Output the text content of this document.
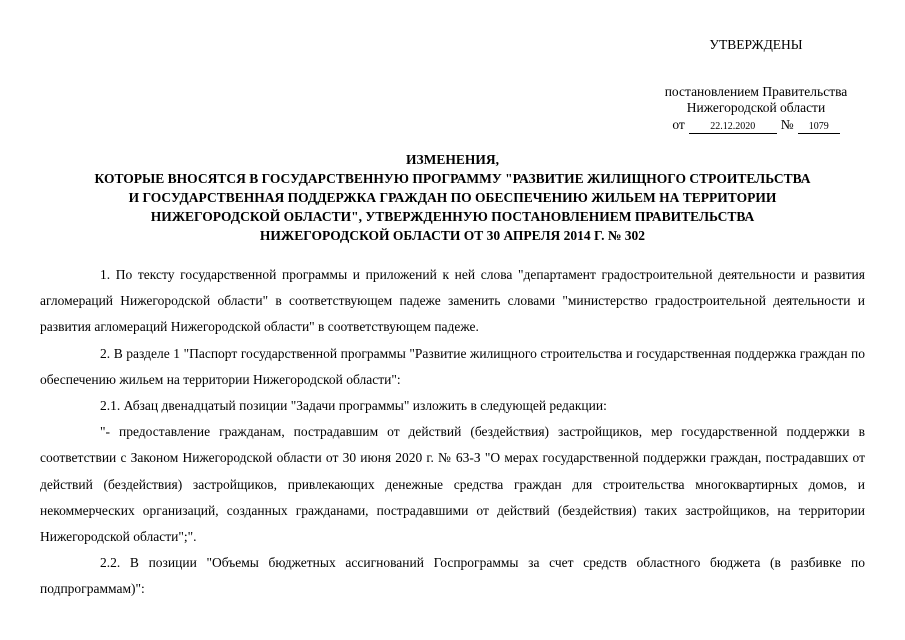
УТВЕРЖДЕНЫ
постановлением Правительства
Нижегородской области
от	22.12.2020	№	1079
ИЗМЕНЕНИЯ,
КОТОРЫЕ ВНОСЯТСЯ В ГОСУДАРСТВЕННУЮ ПРОГРАММУ "РАЗВИТИЕ ЖИЛИЩНОГО СТРОИТЕЛЬСТВА
И ГОСУДАРСТВЕННАЯ ПОДДЕРЖКА ГРАЖДАН ПО ОБЕСПЕЧЕНИЮ ЖИЛЬЕМ НА ТЕРРИТОРИИ
НИЖЕГОРОДСКОЙ ОБЛАСТИ", УТВЕРЖДЕННУЮ ПОСТАНОВЛЕНИЕМ ПРАВИТЕЛЬСТВА
НИЖЕГОРОДСКОЙ ОБЛАСТИ ОТ 30 АПРЕЛЯ 2014 Г. № 302

1. По тексту государственной программы и приложений к ней слова "департамент градостроительной деятельности и развития агломераций Нижегородской области" в соответствующем падеже заменить словами "министерство градостроительной деятельности и развития агломераций Нижегородской области" в соответствующем падеже.

2. В разделе 1 "Паспорт государственной программы "Развитие жилищного строительства и государственная поддержка граждан по обеспечению жильем на территории Нижегородской области":

2.1. Абзац двенадцатый позиции "Задачи программы" изложить в следующей редакции:

"- предоставление гражданам, пострадавшим от действий (бездействия) застройщиков, мер государственной поддержки в соответствии с Законом Нижегородской области от 30 июня 2020 г. № 63-З "О мерах государственной поддержки граждан, пострадавших от действий (бездействия) застройщиков, привлекающих денежные средства граждан для строительства многоквартирных домов, и некоммерческих организаций, созданных гражданами, пострадавшими от действий (бездействия) таких застройщиков, на территории Нижегородской области";".

2.2. В позиции "Объемы бюджетных ассигнований Госпрограммы за счет средств областного бюджета (в разбивке по подпрограммам)":
